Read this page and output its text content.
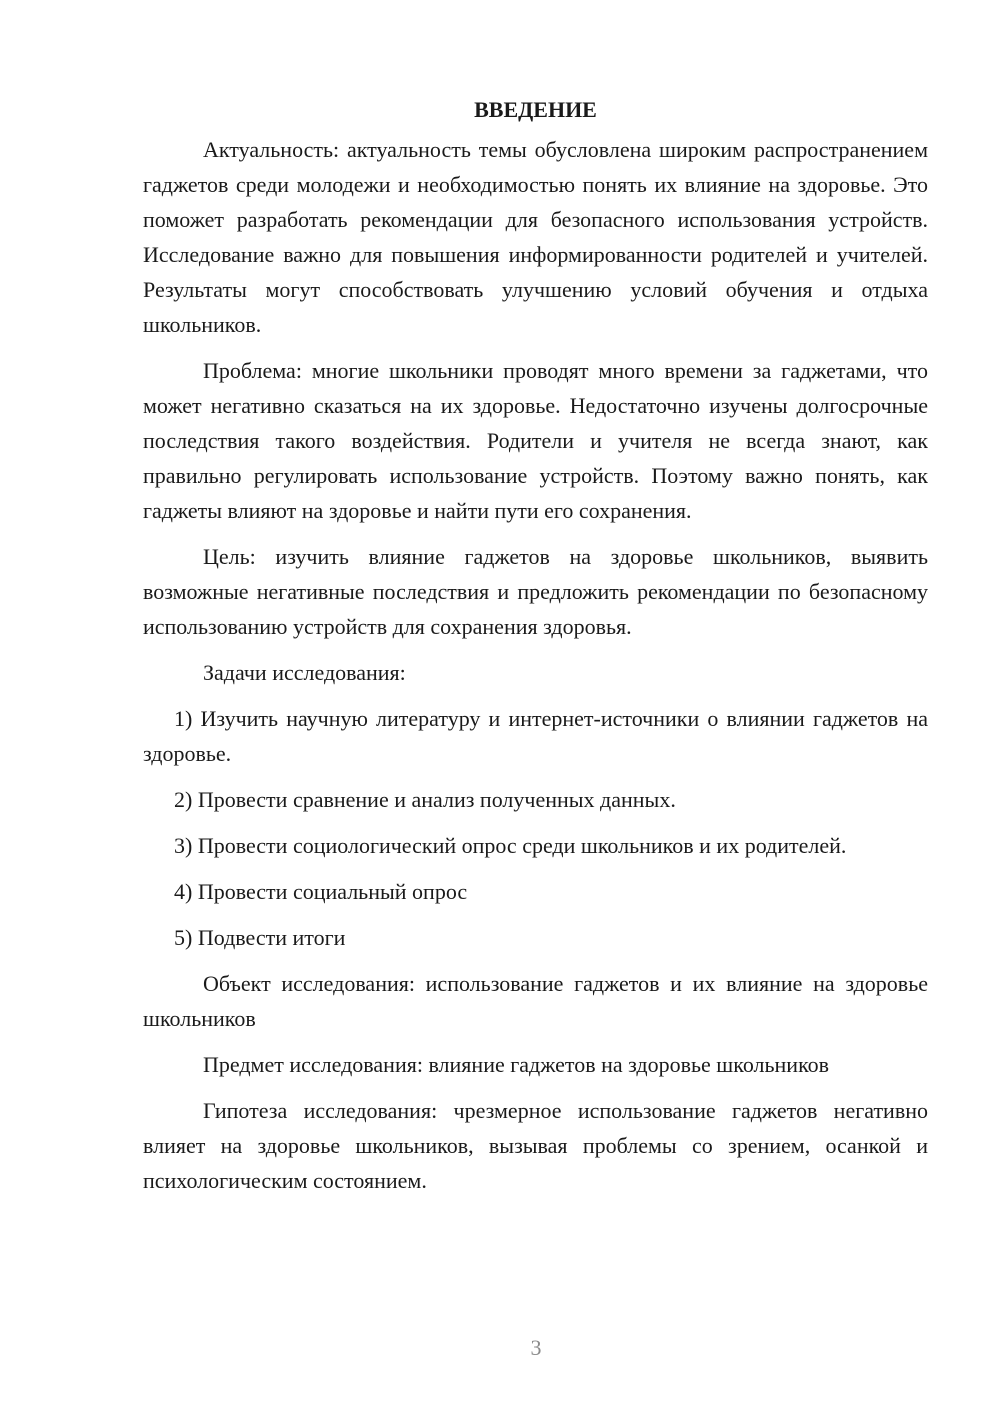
ВВЕДЕНИЕ

Актуальность: актуальность темы обусловлена широким распространением гаджетов среди молодежи и необходимостью понять их влияние на здоровье. Это поможет разработать рекомендации для безопасного использования устройств. Исследование важно для повышения информированности родителей и учителей. Результаты могут способствовать улучшению условий обучения и отдыха школьников.

Проблема: многие школьники проводят много времени за гаджетами, что может негативно сказаться на их здоровье. Недостаточно изучены долгосрочные последствия такого воздействия. Родители и учителя не всегда знают, как правильно регулировать использование устройств. Поэтому важно понять, как гаджеты влияют на здоровье и найти пути его сохранения.

Цель: изучить влияние гаджетов на здоровье школьников, выявить возможные негативные последствия и предложить рекомендации по безопасному использованию устройств для сохранения здоровья.

Задачи исследования:

1) Изучить научную литературу и интернет-источники о влиянии гаджетов на здоровье.

2) Провести сравнение и анализ полученных данных.

3) Провести социологический опрос среди школьников и их родителей.

4) Провести социальный опрос

5) Подвести итоги

Объект исследования: использование гаджетов и их влияние на здоровье школьников

Предмет исследования: влияние гаджетов на здоровье школьников

Гипотеза исследования: чрезмерное использование гаджетов негативно влияет на здоровье школьников, вызывая проблемы со зрением, осанкой и психологическим состоянием.

3
